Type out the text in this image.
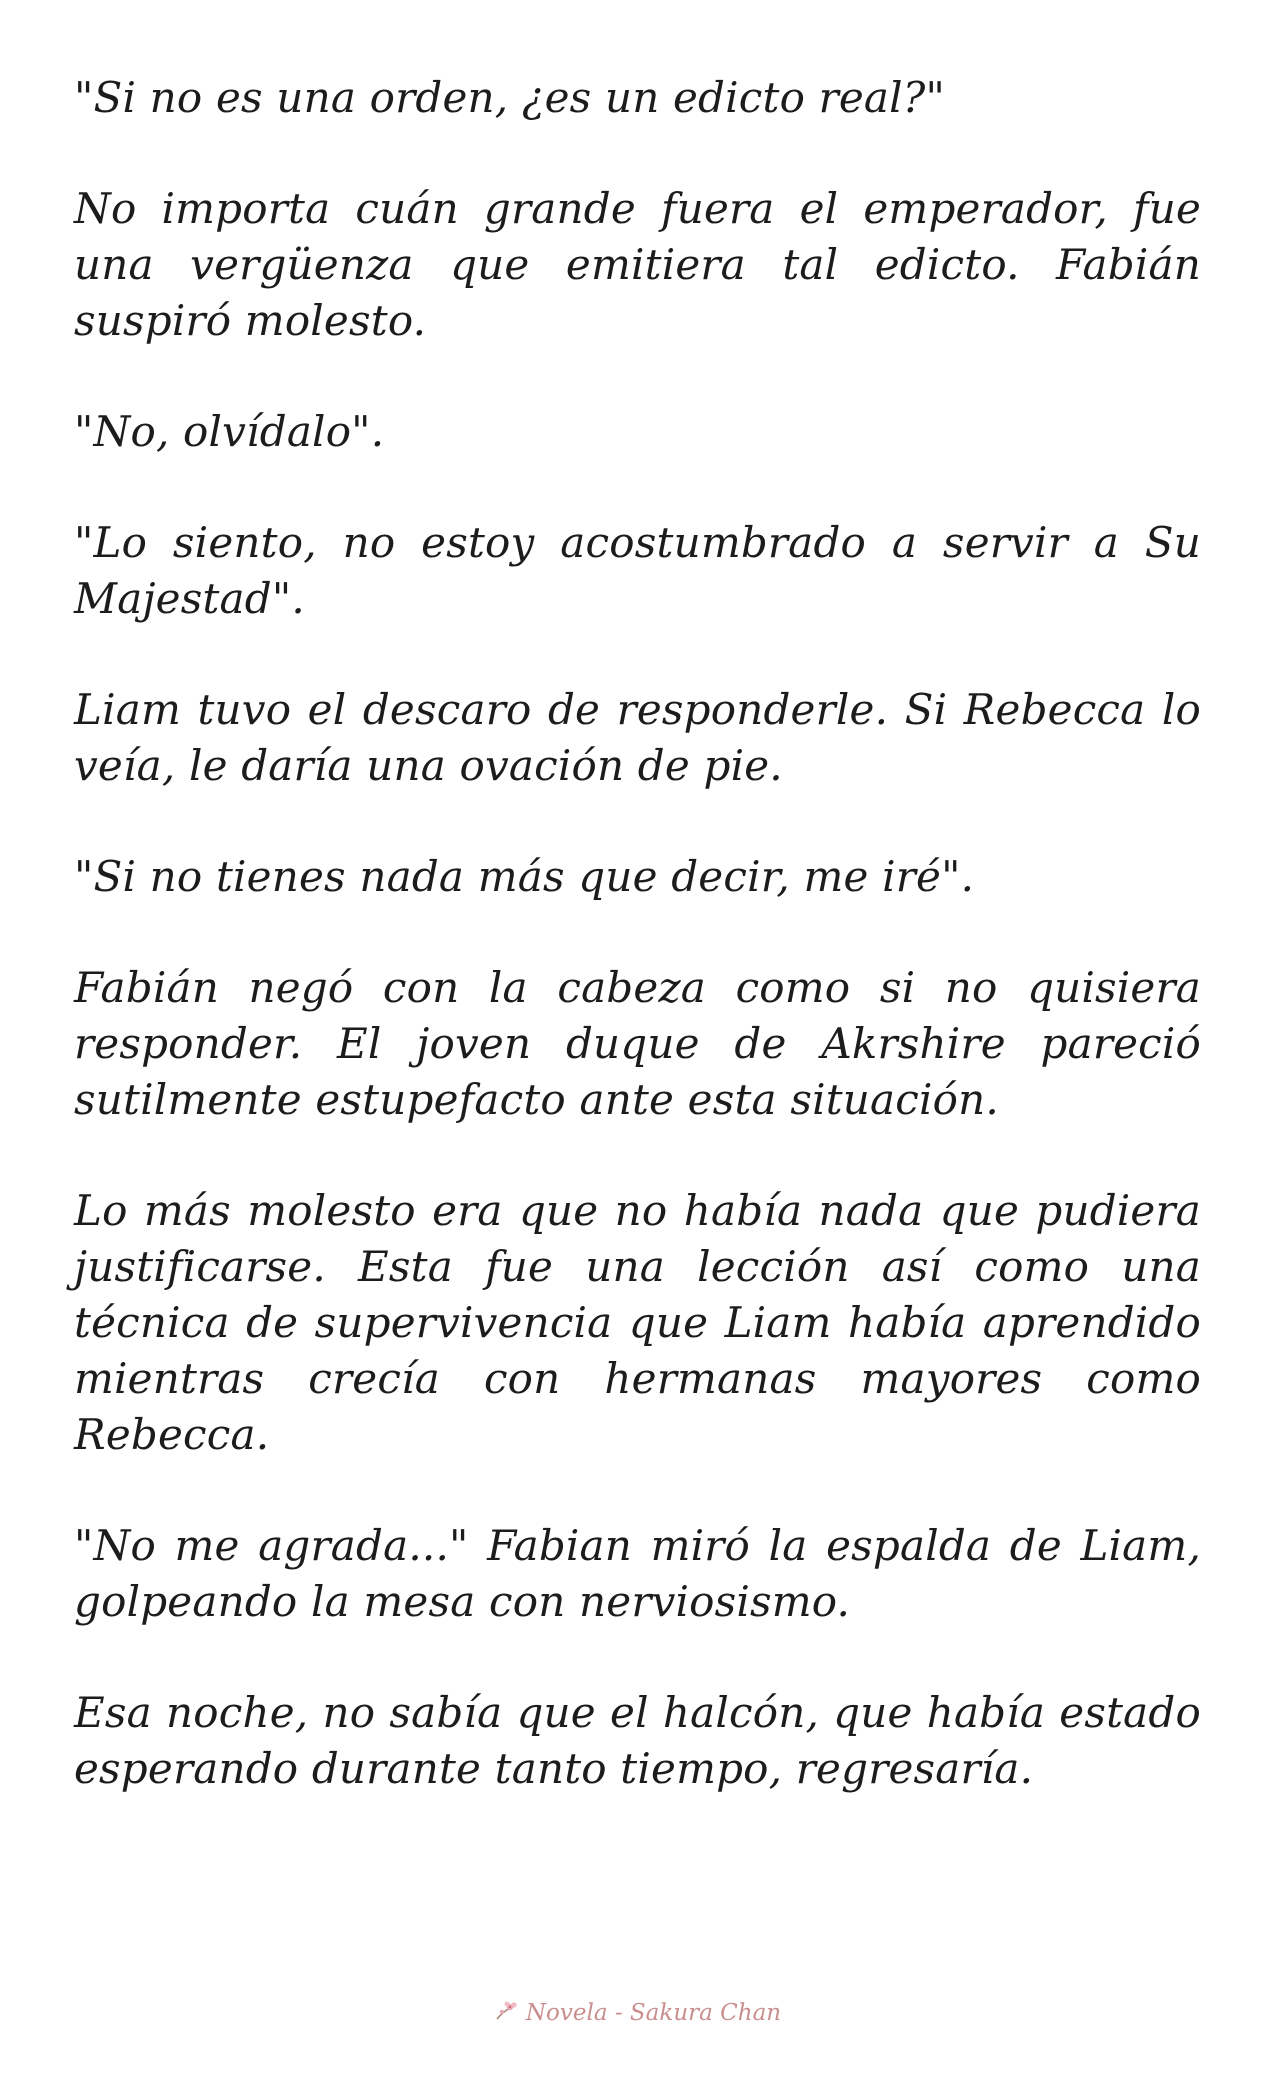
"Si no es una orden, ¿es un edicto real?"

No importa cuán grande fuera el emperador, fue una vergüenza que emitiera tal edicto. Fabián suspiró molesto.

"No, olvídalo".

"Lo siento, no estoy acostumbrado a servir a Su Majestad".

Liam tuvo el descaro de responderle. Si Rebecca lo veía, le daría una ovación de pie.

"Si no tienes nada más que decir, me iré".

Fabián negó con la cabeza como si no quisiera responder. El joven duque de Akrshire pareció sutilmente estupefacto ante esta situación.

Lo más molesto era que no había nada que pudiera justificarse. Esta fue una lección así como una técnica de supervivencia que Liam había aprendido mientras crecía con hermanas mayores como Rebecca.

"No me agrada..." Fabian miró la espalda de Liam, golpeando la mesa con nerviosismo.

Esa noche, no sabía que el halcón, que había estado esperando durante tanto tiempo, regresaría.

Novela - Sakura Chan
